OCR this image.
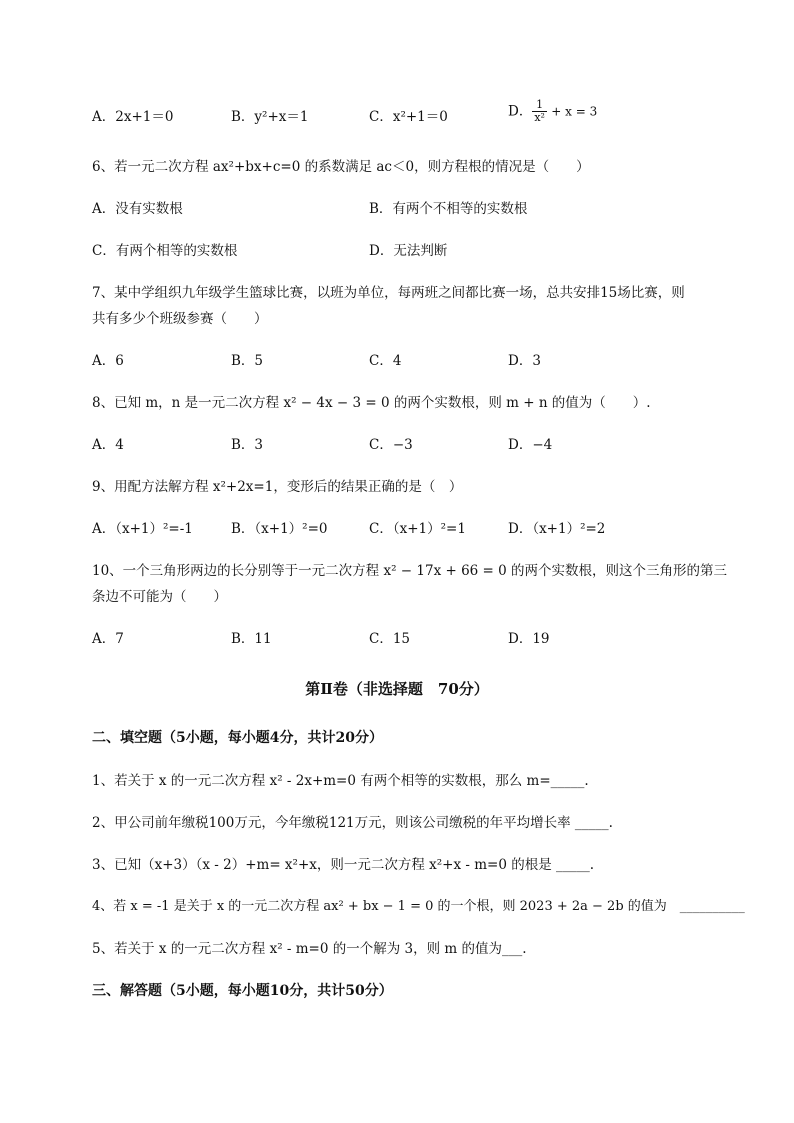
A．2x+1＝0	B．y²+x＝1	C．x²+1＝0	D． $\frac{1}{\text{x²}} + x = 3$
6、若一元二次方程 ax²+bx+c=0 的系数满足 ac＜0，则方程根的情况是（　　）
A．没有实数根	B．有两个不相等的实数根
C．有两个相等的实数根	D．无法判断
7、某中学组织九年级学生篮球比赛，以班为单位，每两班之间都比赛一场，总共安排15场比赛，则
共有多少个班级参赛（　　）
A．6	B．5	C．4	D．3
8、已知 m，n 是一元二次方程 x² − 4x − 3 = 0 的两个实数根，则 m + n 的值为（　　）.
A．4	B．3	C．−3	D．−4
9、用配方法解方程 x²+2x=1，变形后的结果正确的是（　）
A．（x+1）²=-1	B．（x+1）²=0	C．（x+1）²=1	D．（x+1）²=2
10、一个三角形两边的长分别等于一元二次方程 x² − 17x + 66 = 0 的两个实数根，则这个三角形的第三
条边不可能为（　　）
A．7	B．11	C．15	D．19
第Ⅱ卷（非选择题　70分）
二、填空题（5小题，每小题4分，共计20分）
1、若关于 x 的一元二次方程 x² - 2x+m=0 有两个相等的实数根，那么 m=_____.
2、甲公司前年缴税100万元，今年缴税121万元，则该公司缴税的年平均增长率 _____.
3、已知（x+3）（x - 2）+m= x²+x，则一元二次方程 x²+x - m=0 的根是 _____.
4、若 x = -1 是关于 x 的一元二次方程 ax² + bx − 1 = 0 的一个根，则 2023 + 2a − 2b 的值为　__________
5、若关于 x 的一元二次方程 x² - m=0 的一个解为 3，则 m 的值为___.
三、解答题（5小题，每小题10分，共计50分）
